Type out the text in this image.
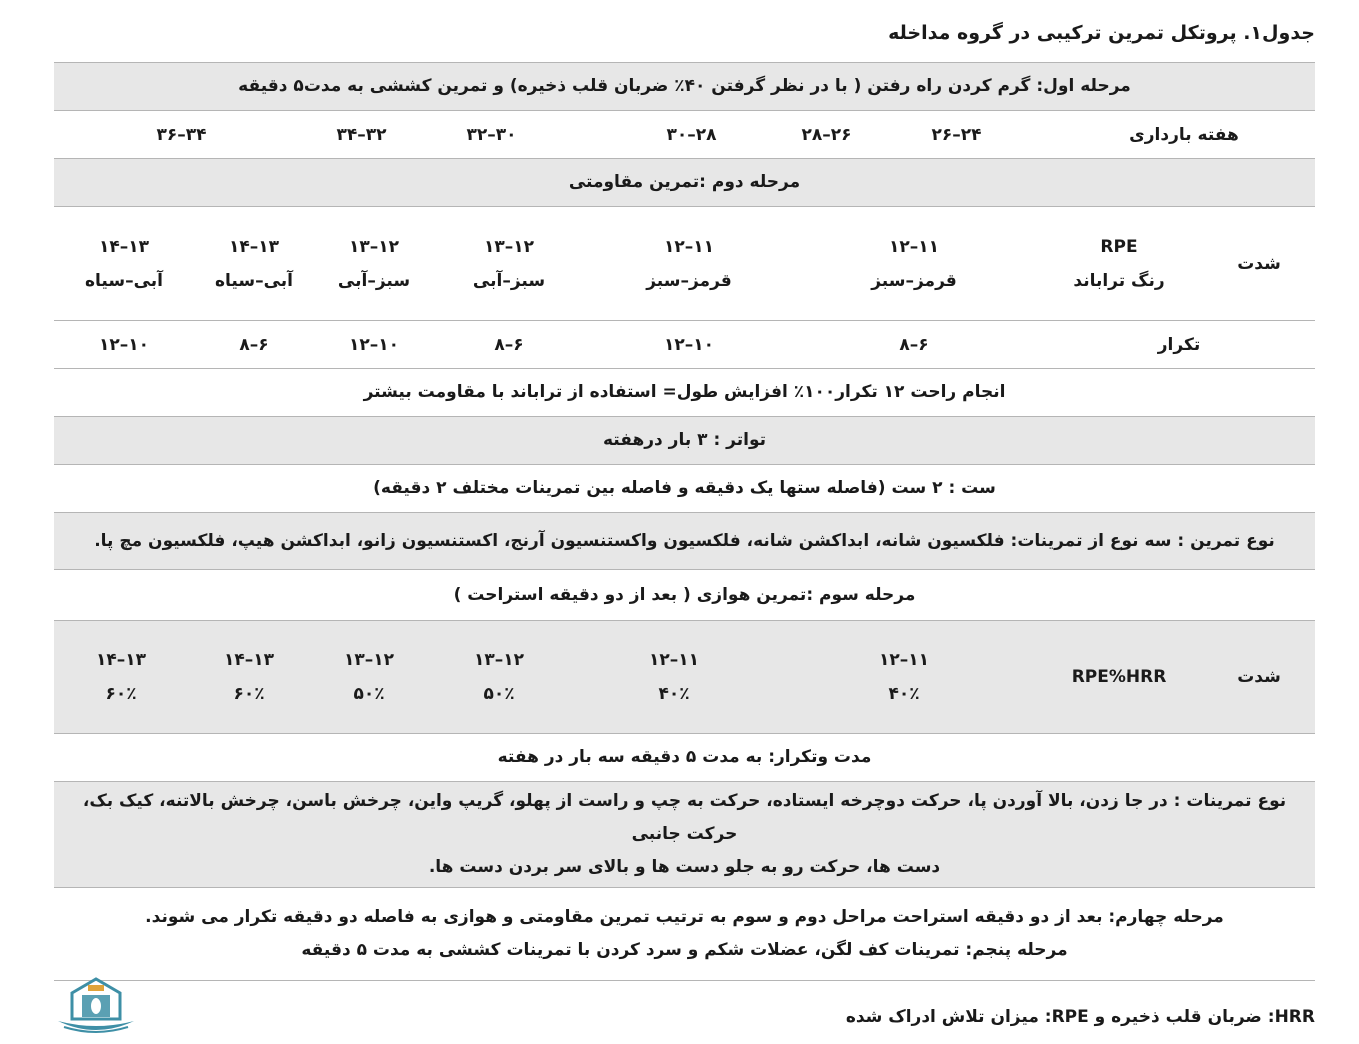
جدول۱. پروتکل تمرین ترکیبی در گروه مداخله
مرحله اول: گرم کردن راه رفتن ( با در نظر گرفتن ۴۰٪ ضربان قلب ذخیره) و تمرین کششی به مدت۵ دقیقه
هفته بارداری
۲۴–۲۶
۲۶–۲۸
۲۸–۳۰
۳۰–۳۲
۳۲–۳۴
۳۴–۳۶
مرحله دوم :تمرین مقاومتی
شدت
RPE
رنگ تراباند
۱۱–۱۲
قرمز–سبز
۱۱–۱۲
قرمز–سبز
۱۲–۱۳
سبز–آبی
۱۲–۱۳
سبز–آبی
۱۳–۱۴
آبی–سیاه
۱۳–۱۴
آبی–سیاه
تکرار
۶–۸
۱۰–۱۲
۶–۸
۱۰–۱۲
۶–۸
۱۰–۱۲
انجام راحت ۱۲ تکرار۱۰۰٪ افزایش طول= استفاده از تراباند با مقاومت بیشتر
تواتر : ۳ بار درهفته
ست : ۲ ست (فاصله ستها یک دقیقه و فاصله بین تمرینات مختلف ۲ دقیقه)
نوع تمرین : سه نوع از تمرینات: فلکسیون شانه، ابداکشن شانه، فلکسیون واکستنسیون آرنج، اکستنسیون زانو، ابداکشن هیپ، فلکسیون مچ پا.
مرحله سوم :تمرین هوازی ( بعد از دو دقیقه استراحت )
شدت
RPE%HRR
۱۱–۱۲
۴۰٪
۱۱–۱۲
۴۰٪
۱۲–۱۳
۵۰٪
۱۲–۱۳
۵۰٪
۱۳–۱۴
۶۰٪
۱۳–۱۴
۶۰٪
مدت وتکرار: به مدت ۵ دقیقه سه بار در هفته
نوع تمرینات : در جا زدن، بالا آوردن پا، حرکت دوچرخه ایستاده، حرکت به چپ و راست از پهلو، گریپ واین، چرخش باسن، چرخش بالاتنه، کیک بک، حرکت جانبی
دست ها، حرکت رو به جلو دست ها و بالای سر بردن دست ها.
مرحله چهارم: بعد از دو دقیقه استراحت مراحل دوم و سوم به ترتیب تمرین مقاومتی و هوازی به فاصله دو دقیقه تکرار می شوند.
مرحله پنجم: تمرینات کف لگن، عضلات شکم و سرد کردن با تمرینات کششی به مدت ۵ دقیقه
HRR: ضربان قلب ذخیره و RPE: میزان تلاش ادراک شده
